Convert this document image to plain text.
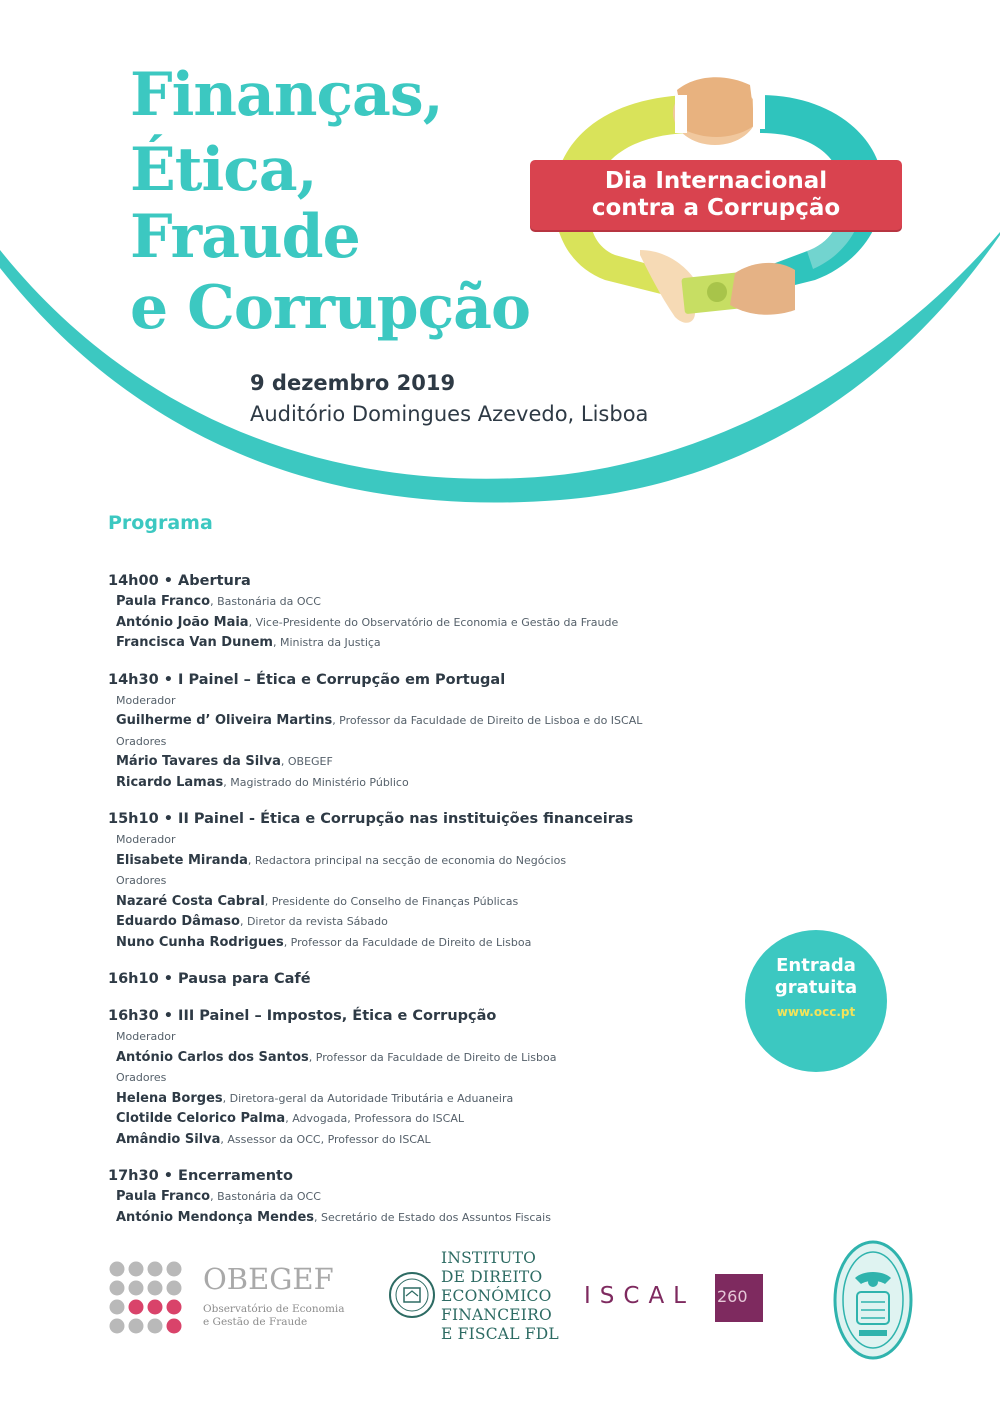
Finanças,
Ética,
Fraude
e Corrupção
Dia Internacional
contra a Corrupção
9 dezembro 2019
Auditório Domingues Azevedo, Lisboa
Programa
14h00 • Abertura
Paula Franco, Bastonária da OCC
António João Maia, Vice-Presidente do Observatório de Economia e Gestão da Fraude
Francisca Van Dunem, Ministra da Justiça
14h30 • I Painel – Ética e Corrupção em Portugal
Moderador
Guilherme d’ Oliveira Martins, Professor da Faculdade de Direito de Lisboa e do ISCAL
Oradores
Mário Tavares da Silva, OBEGEF
Ricardo Lamas, Magistrado do Ministério Público
15h10 • II Painel - Ética e Corrupção nas instituições financeiras
Moderador
Elisabete Miranda, Redactora principal na secção de economia do Negócios
Oradores
Nazaré Costa Cabral, Presidente do Conselho de Finanças Públicas
Eduardo Dâmaso, Diretor da revista Sábado
Nuno Cunha Rodrigues, Professor da Faculdade de Direito de Lisboa
16h10 • Pausa para Café
16h30 • III Painel – Impostos, Ética e Corrupção
Moderador
António Carlos dos Santos, Professor da Faculdade de Direito de Lisboa
Oradores
Helena Borges, Diretora-geral da Autoridade Tributária e Aduaneira
Clotilde Celorico Palma, Advogada, Professora do ISCAL
Amândio Silva, Assessor da OCC, Professor do ISCAL
17h30 • Encerramento
Paula Franco, Bastonária da OCC
António Mendonça Mendes, Secretário de Estado dos Assuntos Fiscais
Entrada
gratuita
www.occ.pt
OBEGEF
Observatório de Economia
e Gestão de Fraude
INSTITUTO
DE DIREITO
ECONÓMICO
FINANCEIRO
E FISCAL FDL
ISCAL 260
